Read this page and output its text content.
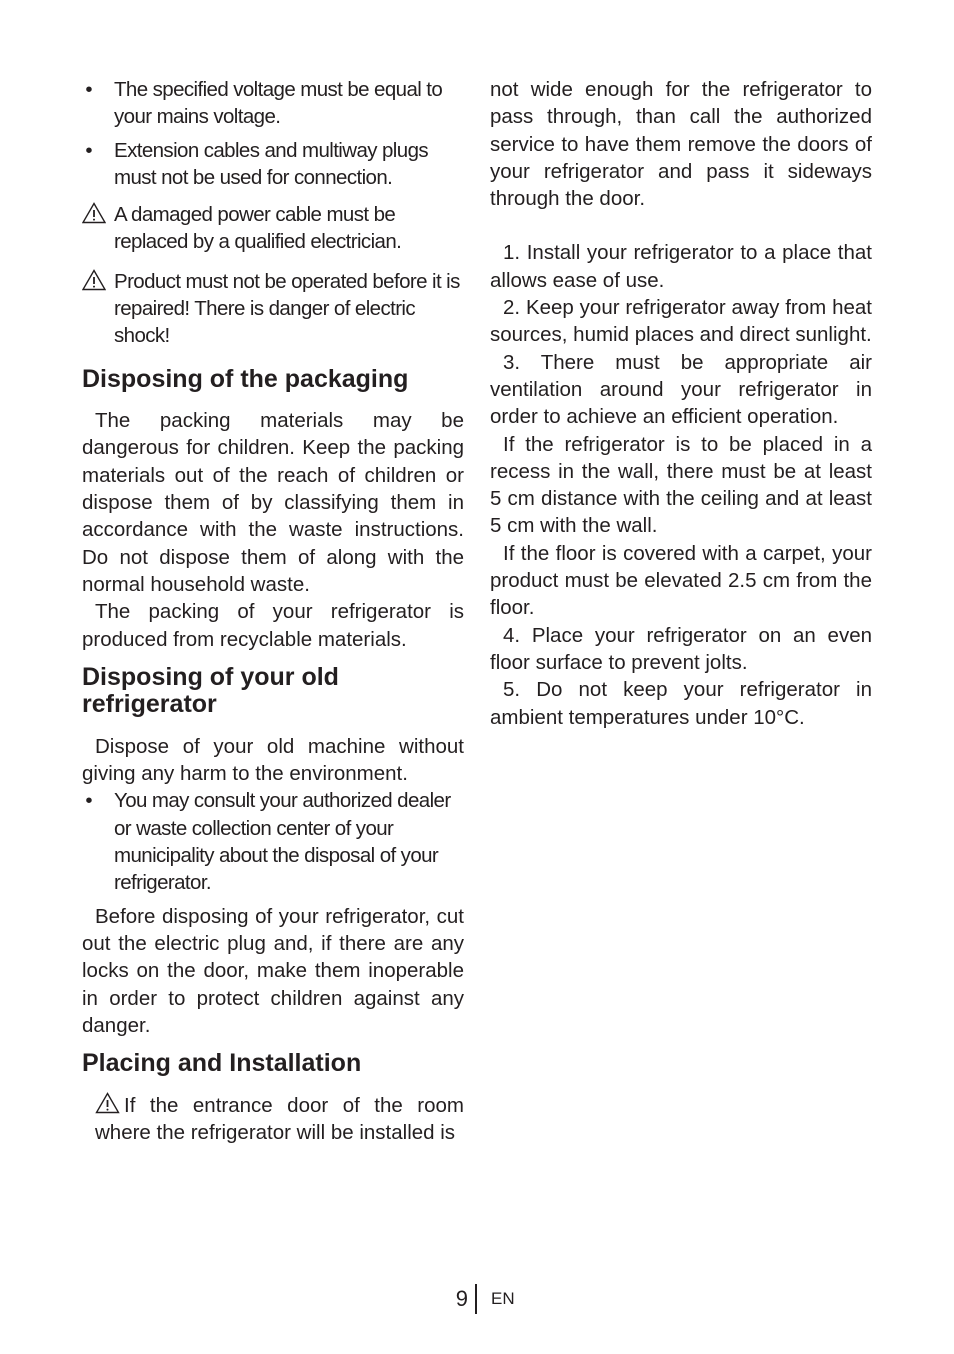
• The specified voltage must be equal to your mains voltage.
• Extension cables and multiway plugs must not be used for connection.

A damaged power cable must be replaced by a qualified electrician.

Product must not be operated before it is repaired! There is danger of electric shock!

Disposing of the packaging

The packing materials may be dangerous for children. Keep the packing materials out of the reach of children or dispose them of by classifying them in accordance with the waste instructions. Do not dispose them of along with the normal household waste.

The packing of your refrigerator is produced from recyclable materials.

Disposing of your old refrigerator

Dispose of your old machine without giving any harm to the environment.

• You may consult your authorized dealer or waste collection center of your municipality about the disposal of your refrigerator.

Before disposing of your refrigerator, cut out the electric plug and, if there are any locks on the door, make them inoperable in order to protect children against any danger.

Placing and Installation

If the entrance door of the room where the refrigerator will be installed is

not wide enough for the refrigerator to pass through, than call the authorized service to have them remove the doors of your refrigerator and pass it sideways through the door.

1. Install your refrigerator to a place that allows ease of use.

2. Keep your refrigerator away from heat sources, humid places and direct sunlight.

3. There must be appropriate air ventilation around your refrigerator in order to achieve an efficient operation.

If the refrigerator is to be placed in a recess in the wall, there must be at least 5 cm distance with the ceiling and at least 5 cm with the wall.

If the floor is covered with a carpet, your product must be elevated 2.5 cm from the floor.

4. Place your refrigerator on an even floor surface to prevent jolts.

5. Do not keep your refrigerator in ambient temperatures under 10°C.

9	EN
